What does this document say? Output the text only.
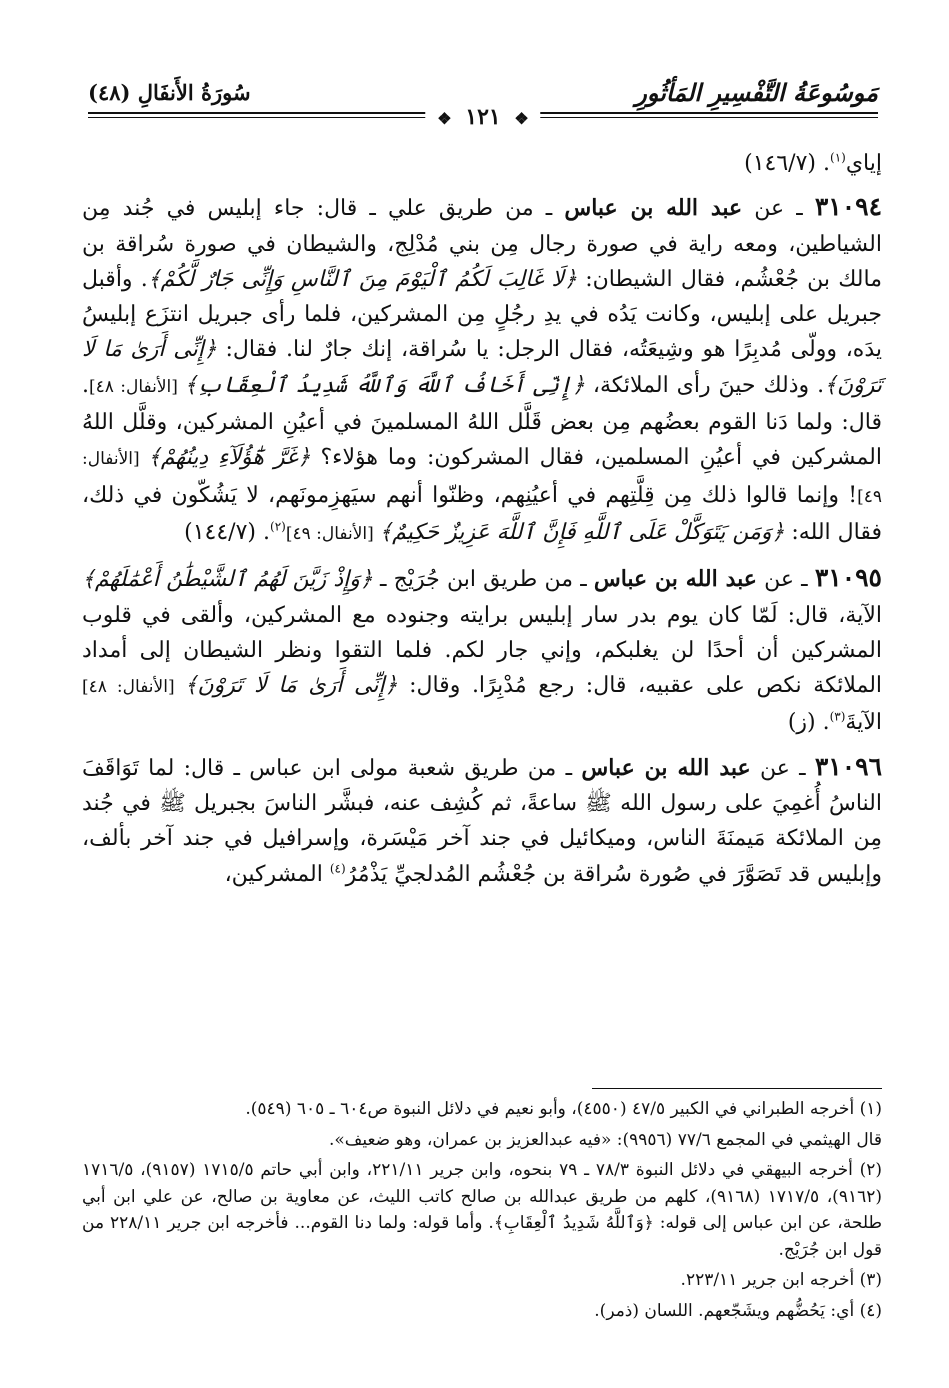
مَوسُوعَةُ التَّفْسِيرِ المَأثُورِ
❖ ١٢١ ❖
سُورَةُ الأَنفَالِ (٤٨)

إياي$^{(١)}$. (١٤٦/٧)

٣١٠٩٤ ـ عن عبد الله بن عباس ـ من طريق علي ـ قال: جاء إبليس في جُند مِن الشياطين، ومعه راية في صورة رجال مِن بني مُدْلِج، والشيطان في صورة سُراقة بن مالك بن جُعْشُم، فقال الشيطان: ﴿لَا غَالِبَ لَكُمُ ٱلْيَوْمَ مِنَ ٱلنَّاسِ وَإِنِّى جَارٌ لَّكُمْ﴾. وأقبل جبريل على إبليس، وكانت يَدُه في يدِ رجُلٍ مِن المشركين، فلما رأى جبريل انتزَع إبليسُ يدَه، وولّى مُدبِرًا هو وشِيعَتُه، فقال الرجل: يا سُراقة، إنك جارٌ لنا. فقال: ﴿إِنِّى أَرَىٰ مَا لَا تَرَوْنَ﴾. وذلك حينَ رأى الملائكة، ﴿إِنِّى أَخَافُ ٱللَّهَ وَٱللَّهُ شَدِيدُ ٱلْعِقَابِ﴾ [الأنفال: ٤٨]. قال: ولما دَنا القوم بعضُهم مِن بعض قَلَّل اللهُ المسلمينَ في أعيُنِ المشركين، وقلَّل اللهُ المشركين في أعيُنِ المسلمين، فقال المشركون: وما هؤلاء؟ ﴿غَرَّ هَٰٓؤُلَآءِ دِينُهُمْ﴾ [الأنفال: ٤٩]! وإنما قالوا ذلك مِن قِلَّتِهم في أعيُنِهم، وظنّوا أنهم سيَهزِمونَهم، لا يَشُكّون في ذلك، فقال الله: ﴿وَمَن يَتَوَكَّلْ عَلَى ٱللَّهِ فَإِنَّ ٱللَّهَ عَزِيزٌ حَكِيمٌ﴾ [الأنفال: ٤٩]$^{(٢)}$. (١٤٤/٧)

٣١٠٩٥ ـ عن عبد الله بن عباس ـ من طريق ابن جُرَيْج ـ ﴿وَإِذْ زَيَّنَ لَهُمُ ٱلشَّيْطَٰنُ أَعْمَٰلَهُمْ﴾ الآية، قال: لَمّا كان يوم بدر سار إبليس برايته وجنوده مع المشركين، وألقى في قلوب المشركين أن أحدًا لن يغلبكم، وإني جار لكم. فلما التقوا ونظر الشيطان إلى أمداد الملائكة نكص على عقبيه، قال: رجع مُدْبِرًا. وقال: ﴿إِنِّى أَرَىٰ مَا لَا تَرَوْنَ﴾ [الأنفال: ٤٨] الآيةَ$^{(٣)}$. (ز)

٣١٠٩٦ ـ عن عبد الله بن عباس ـ من طريق شعبة مولى ابن عباس ـ قال: لما تَوَاقَفَ الناسُ أُغمِيَ على رسول الله ﷺ ساعةً، ثم كُشِف عنه، فبشَّر الناسَ بجبريل ﷺ في جُند مِن الملائكة مَيمنَةَ الناس، وميكائيل في جند آخر مَيْسَرة، وإسرافيل في جند آخر بألف، وإبليس قد تَصَوَّرَ في صُورة سُراقة بن جُعْشُم المُدلجيِّ يَذْمُرُ$^{(٤)}$ المشركين،

(١) أخرجه الطبراني في الكبير ٤٧/٥ (٤٥٥٠)، وأبو نعيم في دلائل النبوة ص٦٠٤ ـ ٦٠٥ (٥٤٩).

قال الهيثمي في المجمع ٧٧/٦ (٩٩٥٦): «فيه عبدالعزيز بن عمران، وهو ضعيف».

(٢) أخرجه البيهقي في دلائل النبوة ٧٨/٣ ـ ٧٩ بنحوه، وابن جرير ٢٢١/١١، وابن أبي حاتم ١٧١٥/٥ (٩١٥٧)، ١٧١٦/٥ (٩١٦٢)، ١٧١٧/٥ (٩١٦٨)، كلهم من طريق عبدالله بن صالح كاتب الليث، عن معاوية بن صالح، عن علي ابن أبي طلحة، عن ابن عباس إلى قوله: ﴿وَٱللَّهُ شَدِيدُ ٱلْعِقَابِ﴾. وأما قوله: ولما دنا القوم... فأخرجه ابن جرير ٢٢٨/١١ من قول ابن جُرَيْج.

(٣) أخرجه ابن جرير ٢٢٣/١١.

(٤) أي: يَحُضُّهم ويشَجّعهم. اللسان (ذمر).
